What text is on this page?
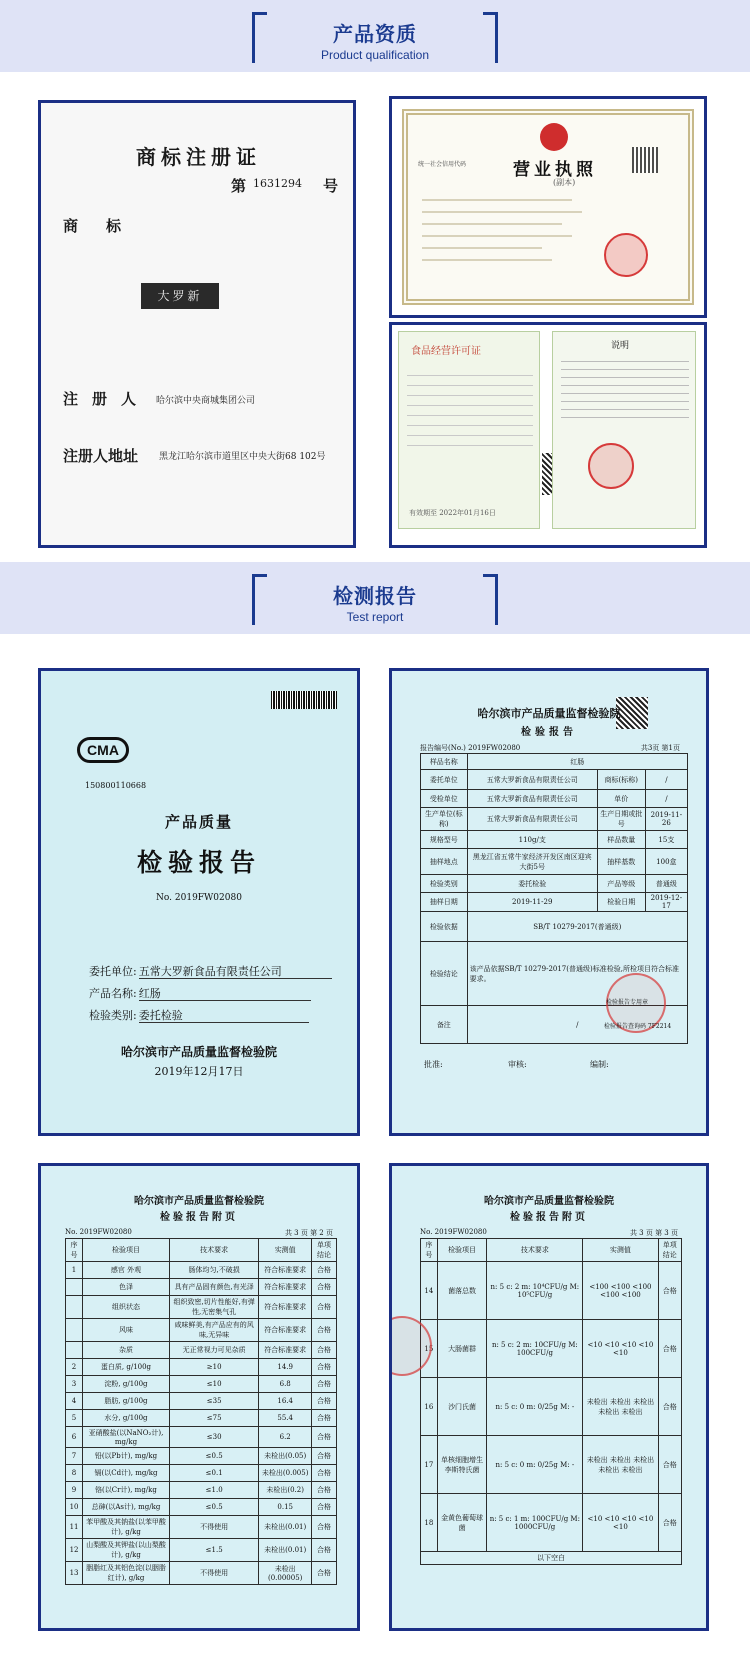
产品资质
Product qualification
商标注册证
第 1631294 号
商标
大罗新
注册人 哈尔滨中央商城集团公司
注册人地址 黑龙江哈尔滨市道里区中央大街68 102号
统一社会信用代码	营业执照
(副本)
食品经营许可证
有效期至 2022年01月16日
说明
检测报告
Test report
CMA
150800110668
产品质量
检验报告
No. 2019FW02080
委托单位: 五常大罗新食品有限责任公司
产品名称: 红肠
检验类别: 委托检验
哈尔滨市产品质量监督检验院
2019年12月17日
哈尔滨市产品质量监督检验院
检验报告
报告编号(No.) 2019FW02080	共3页 第1页
样品名称	红肠		
委托单位	五常大罗新食品有限责任公司	商标(标称)	/
受检单位	五常大罗新食品有限责任公司	单价	/
生产单位(标称)	五常大罗新食品有限责任公司	生产日期或批号	2019-11-26
规格型号	110g/支	样品数量	15支
抽样地点	黑龙江省五常牛家经济开发区南区迎宾大街5号	抽样基数	100盒
检验类别	委托检验	产品等级	普通级
抽样日期	2019-11-29	检验日期	2019-12-17
检验依据	SB/T 10279-2017(普通级)		
检验结论	该产品依据SB/T 10279-2017(普通级)标准检验,所检项目符合标准要求。		
备注	/		
检验报告专用章
检验报告查询码 7F2214
批准:	审核:	编制:
哈尔滨市产品质量监督检验院
检验报告附页
No. 2019FW02080	共 3 页 第 2 页
序号	检验项目	技术要求	实测值	单项结论
1	感官 外观	肠体均匀,不破损	符合标准要求	合格
	色泽	具有产品固有颜色,有光泽	符合标准要求	合格
	组织状态	组织致密,切片性能好,有弹性,无密集气孔	符合标准要求	合格
	风味	咸味鲜美,有产品应有的风味,无异味	符合标准要求	合格
	杂质	无正常视力可见杂质	符合标准要求	合格
2	蛋白质, g/100g	≥10	14.9	合格
3	淀粉, g/100g	≤10	6.8	合格
4	脂肪, g/100g	≤35	16.4	合格
5	水分, g/100g	≤75	55.4	合格
6	亚硝酸盐(以NaNO₂计), mg/kg	≤30	6.2	合格
7	铅(以Pb计), mg/kg	≤0.5	未检出(0.05)	合格
8	镉(以Cd计), mg/kg	≤0.1	未检出(0.005)	合格
9	铬(以Cr计), mg/kg	≤1.0	未检出(0.2)	合格
10	总砷(以As计), mg/kg	≤0.5	0.15	合格
11	苯甲酸及其钠盐(以苯甲酸计), g/kg	不得使用	未检出(0.01)	合格
12	山梨酸及其钾盐(以山梨酸计), g/kg	≤1.5	未检出(0.01)	合格
13	胭脂红及其铝色淀(以胭脂红计), g/kg	不得使用	未检出(0.00005)	合格
哈尔滨市产品质量监督检验院
检验报告附页
No. 2019FW02080	共 3 页 第 3 页
序号	检验项目	技术要求	实测值	单项结论
14	菌落总数	n: 5 c: 2 m: 10⁴CFU/g M: 10⁵CFU/g	<100 <100 <100 <100 <100	合格
15	大肠菌群	n: 5 c: 2 m: 10CFU/g M: 100CFU/g	<10 <10 <10 <10 <10	合格
16	沙门氏菌	n: 5 c: 0 m: 0/25g M: -	未检出 未检出 未检出 未检出 未检出	合格
17	单核细胞增生李斯特氏菌	n: 5 c: 0 m: 0/25g M: -	未检出 未检出 未检出 未检出 未检出	合格
18	金黄色葡萄球菌	n: 5 c: 1 m: 100CFU/g M: 1000CFU/g	<10 <10 <10 <10 <10	合格
以下空白				
